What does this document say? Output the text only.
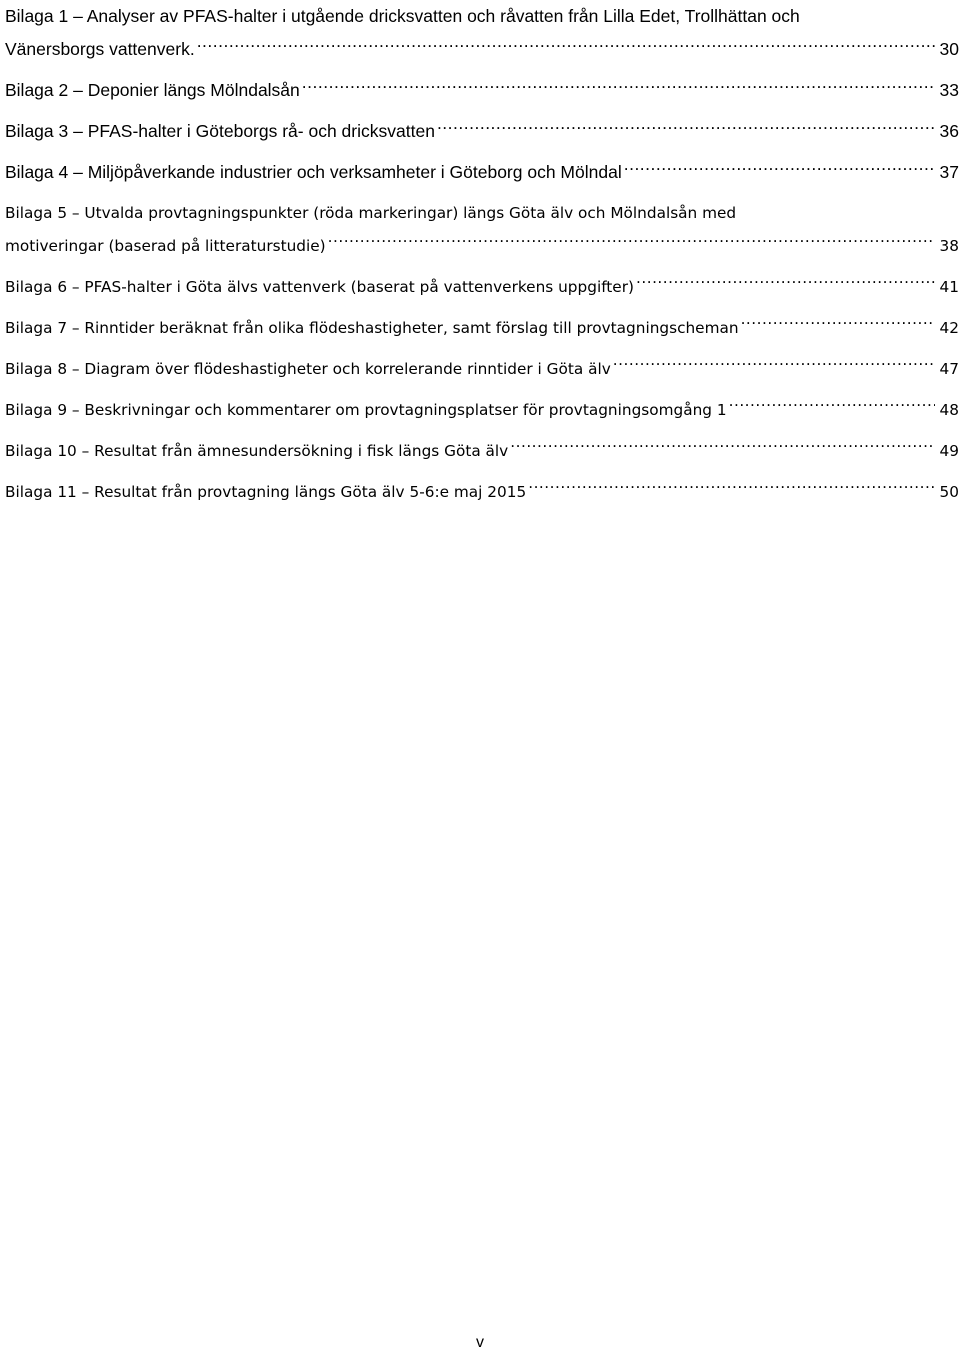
Bilaga 1 – Analyser av PFAS-halter i utgående dricksvatten och råvatten från Lilla Edet, Trollhättan och
Vänersborgs vattenverk. .....	30
Bilaga 2 – Deponier längs Mölndalsån .....	33
Bilaga 3 – PFAS-halter i Göteborgs rå- och dricksvatten .....	36
Bilaga 4 – Miljöpåverkande industrier och verksamheter i Göteborg och Mölndal .....	37
Bilaga 5 – Utvalda provtagningspunkter (röda markeringar) längs Göta älv och Mölndalsån med
motiveringar (baserad på litteraturstudie) .....	38
Bilaga 6 – PFAS-halter i Göta älvs vattenverk (baserat på vattenverkens uppgifter) .....	41
Bilaga 7 – Rinntider beräknat från olika flödeshastigheter, samt förslag till provtagningscheman .....	42
Bilaga 8 – Diagram över flödeshastigheter och korrelerande rinntider i Göta älv .....	47
Bilaga 9 – Beskrivningar och kommentarer om provtagningsplatser för provtagningsomgång 1 .....	48
Bilaga 10 – Resultat från ämnesundersökning i fisk längs Göta älv .....	49
Bilaga 11 – Resultat från provtagning längs Göta älv 5-6:e maj 2015 .....	50
v
